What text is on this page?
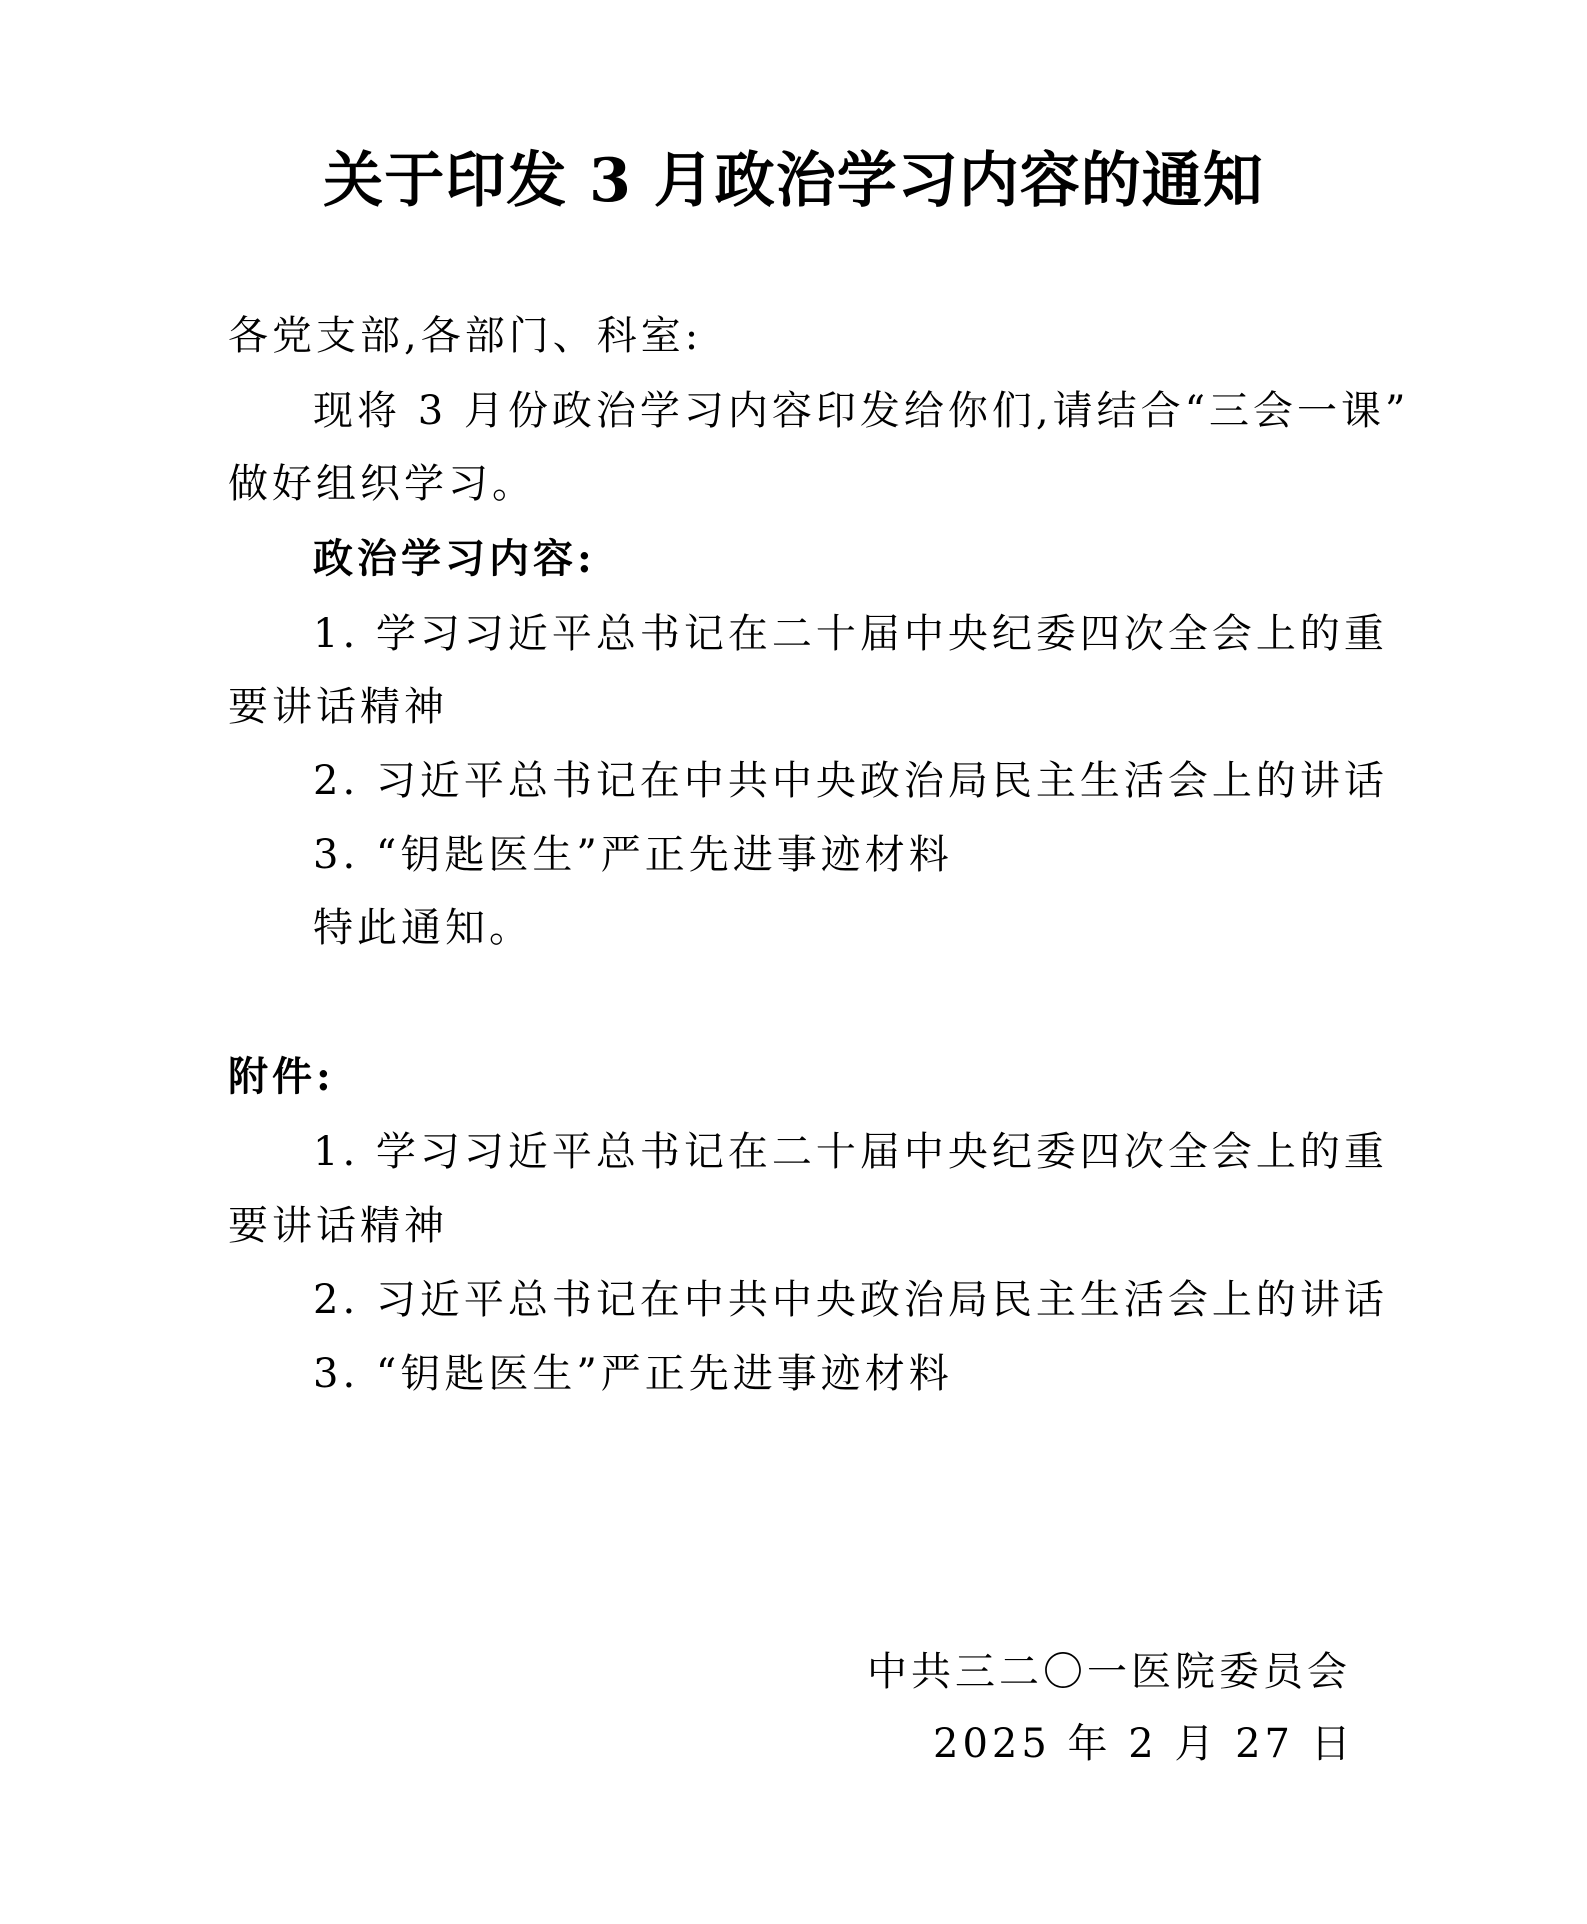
关于印发 3 月政治学习内容的通知
各党支部,各部门、科室:
现将 3 月份政治学习内容印发给你们,请结合“三会一课”
做好组织学习。
政治学习内容:
1. 学习习近平总书记在二十届中央纪委四次全会上的重
要讲话精神
2. 习近平总书记在中共中央政治局民主生活会上的讲话
3. “钥匙医生”严正先进事迹材料
特此通知。
附件:
1. 学习习近平总书记在二十届中央纪委四次全会上的重
要讲话精神
2. 习近平总书记在中共中央政治局民主生活会上的讲话
3. “钥匙医生”严正先进事迹材料
中共三二〇一医院委员会
2025 年 2 月 27 日
